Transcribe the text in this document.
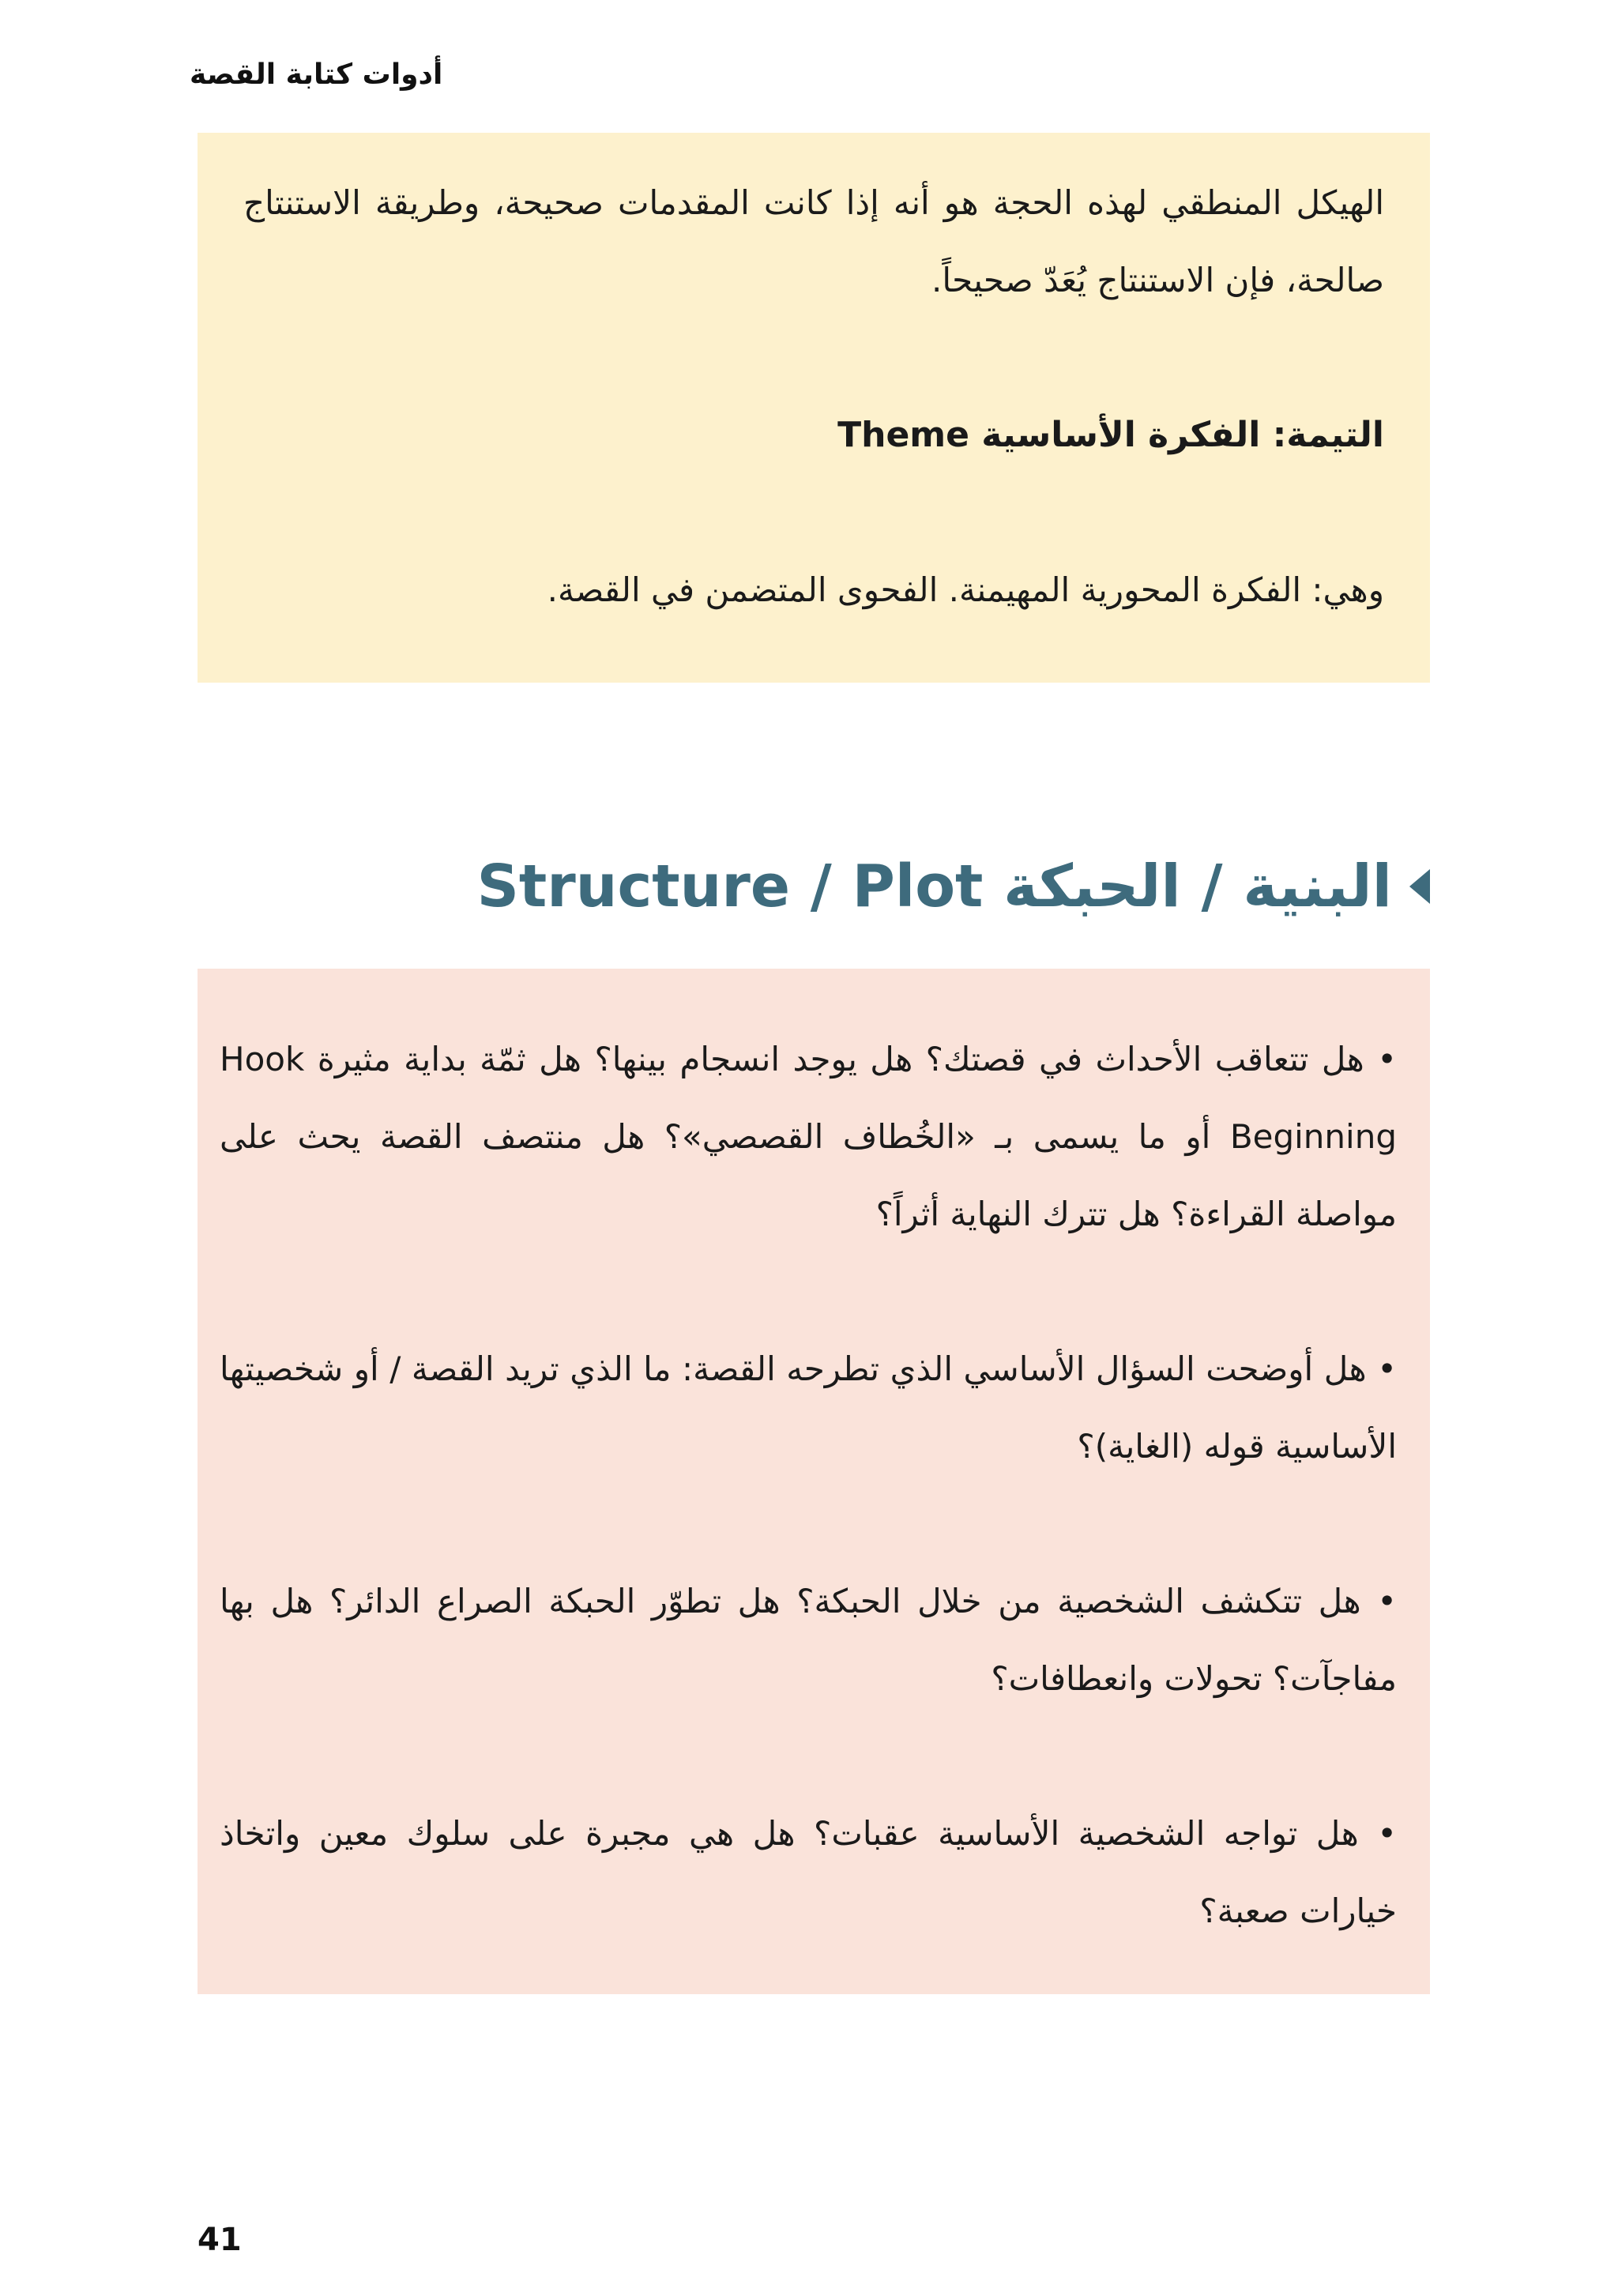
أدوات كتابة القصة

الهيكل المنطقي لهذه الحجة هو أنه إذا كانت المقدمات صحيحة، وطريقة الاستنتاج صالحة، فإن الاستنتاج يُعَدّ صحيحاً.

التيمة: الفكرة الأساسية Theme

وهي: الفكرة المحورية المهيمنة. الفحوى المتضمن في القصة.

البنية / الحبكة Structure / Plot

• هل تتعاقب الأحداث في قصتك؟ هل يوجد انسجام بينها؟ هل ثمّة بداية مثيرة Hook Beginning أو ما يسمى بـ «الخُطاف القصصي»؟ هل منتصف القصة يحث على مواصلة القراءة؟ هل تترك النهاية أثراً؟

• هل أوضحت السؤال الأساسي الذي تطرحه القصة: ما الذي تريد القصة / أو شخصيتها الأساسية قوله (الغاية)؟

• هل تتكشف الشخصية من خلال الحبكة؟ هل تطوّر الحبكة الصراع الدائر؟ هل بها مفاجآت؟ تحولات وانعطافات؟

• هل تواجه الشخصية الأساسية عقبات؟ هل هي مجبرة على سلوك معين واتخاذ خيارات صعبة؟

41
